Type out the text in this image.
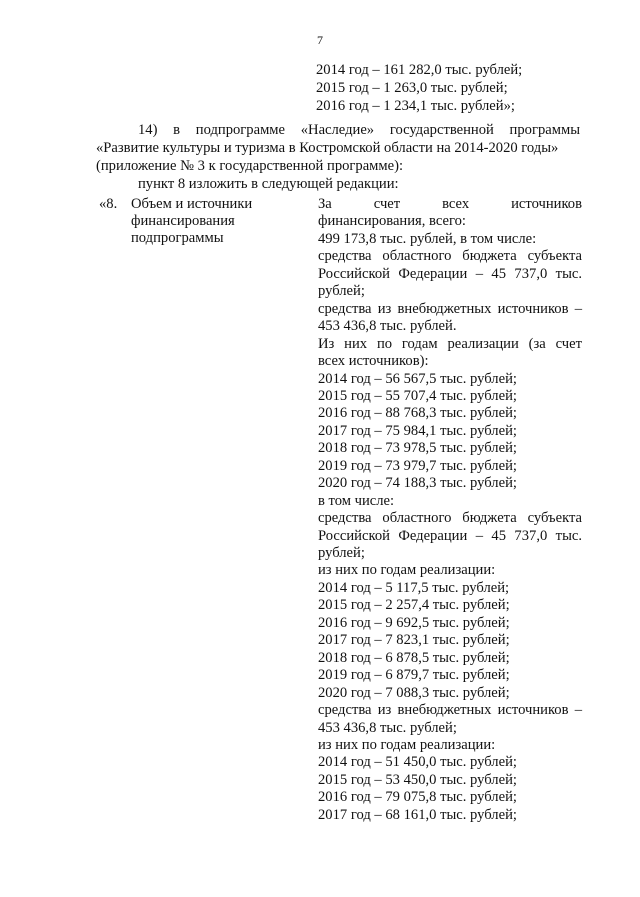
7
2014 год – 161 282,0 тыс. рублей;
2015 год – 1 263,0 тыс. рублей;
2016 год – 1 234,1 тыс. рублей»;
14) в подпрограмме «Наследие» государственной программы
«Развитие культуры и туризма в Костромской области на 2014-2020 годы»
(приложение № 3 к государственной программе):
пункт 8 изложить в следующей редакции:
«8. Объем и источники
финансирования
подпрограммы
За счет всех источников
финансирования, всего:
499 173,8 тыс. рублей, в том числе:
средства областного бюджета субъекта
Российской Федерации – 45 737,0 тыс.
рублей;
средства из внебюджетных источников –
453 436,8 тыс. рублей.
Из них по годам реализации (за счет
всех источников):
2014 год – 56 567,5 тыс. рублей;
2015 год – 55 707,4 тыс. рублей;
2016 год – 88 768,3 тыс. рублей;
2017 год – 75 984,1 тыс. рублей;
2018 год – 73 978,5 тыс. рублей;
2019 год – 73 979,7 тыс. рублей;
2020 год – 74 188,3 тыс. рублей;
в том числе:
средства областного бюджета субъекта
Российской Федерации – 45 737,0 тыс.
рублей;
из них по годам реализации:
2014 год – 5 117,5 тыс. рублей;
2015 год – 2 257,4 тыс. рублей;
2016 год – 9 692,5 тыс. рублей;
2017 год – 7 823,1 тыс. рублей;
2018 год – 6 878,5 тыс. рублей;
2019 год – 6 879,7 тыс. рублей;
2020 год – 7 088,3 тыс. рублей;
средства из внебюджетных источников –
453 436,8 тыс. рублей;
из них по годам реализации:
2014 год – 51 450,0 тыс. рублей;
2015 год – 53 450,0 тыс. рублей;
2016 год – 79 075,8 тыс. рублей;
2017 год – 68 161,0 тыс. рублей;
